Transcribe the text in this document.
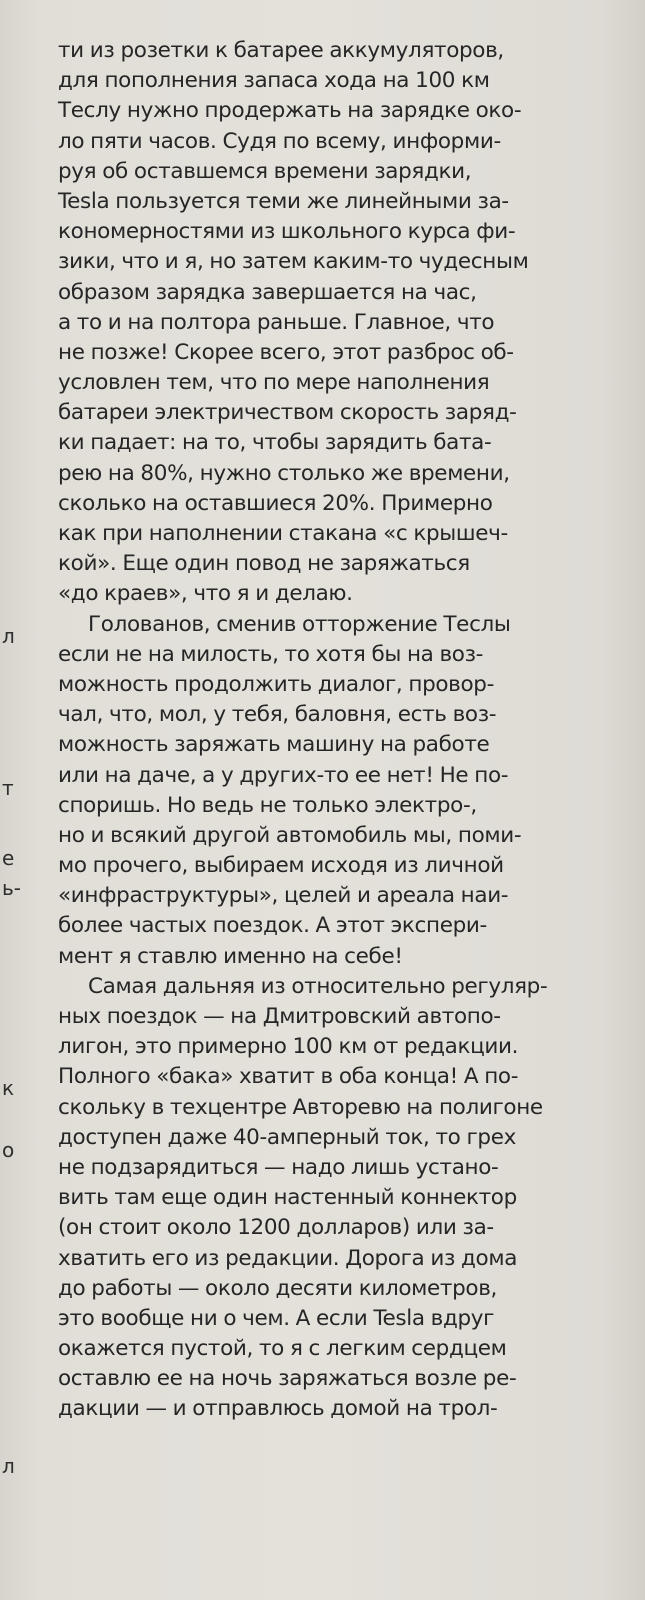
л
т
е
ь-
к
о
л
ти из розетки к батарее аккумуляторов,
для пополнения запаса хода на 100 км
Теслу нужно продержать на зарядке око-
ло пяти часов. Судя по всему, информи-
руя об оставшемся времени зарядки,
Tesla пользуется теми же линейными за-
кономерностями из школьного курса фи-
зики, что и я, но затем каким-то чудесным
образом зарядка завершается на час,
а то и на полтора раньше. Главное, что
не позже! Скорее всего, этот разброс об-
условлен тем, что по мере наполнения
батареи электричеством скорость заряд-
ки падает: на то, чтобы зарядить бата-
рею на 80%, нужно столько же времени,
сколько на оставшиеся 20%. Примерно
как при наполнении стакана «с крышеч-
кой». Еще один повод не заряжаться
«до краев», что я и делаю.
Голованов, сменив отторжение Теслы
если не на милость, то хотя бы на воз-
можность продолжить диалог, провор-
чал, что, мол, у тебя, баловня, есть воз-
можность заряжать машину на работе
или на даче, а у других-то ее нет! Не по-
споришь. Но ведь не только электро-,
но и всякий другой автомобиль мы, поми-
мо прочего, выбираем исходя из личной
«инфраструктуры», целей и ареала наи-
более частых поездок. А этот экспери-
мент я ставлю именно на себе!
Самая дальняя из относительно регуляр-
ных поездок — на Дмитровский автопо-
лигон, это примерно 100 км от редакции.
Полного «бака» хватит в оба конца! А по-
скольку в техцентре Авторевю на полигоне
доступен даже 40-амперный ток, то грех
не подзарядиться — надо лишь устано-
вить там еще один настенный коннектор
(он стоит около 1200 долларов) или за-
хватить его из редакции. Дорога из дома
до работы — около десяти километров,
это вообще ни о чем. А если Tesla вдруг
окажется пустой, то я с легким сердцем
оставлю ее на ночь заряжаться возле ре-
дакции — и отправлюсь домой на трол-
